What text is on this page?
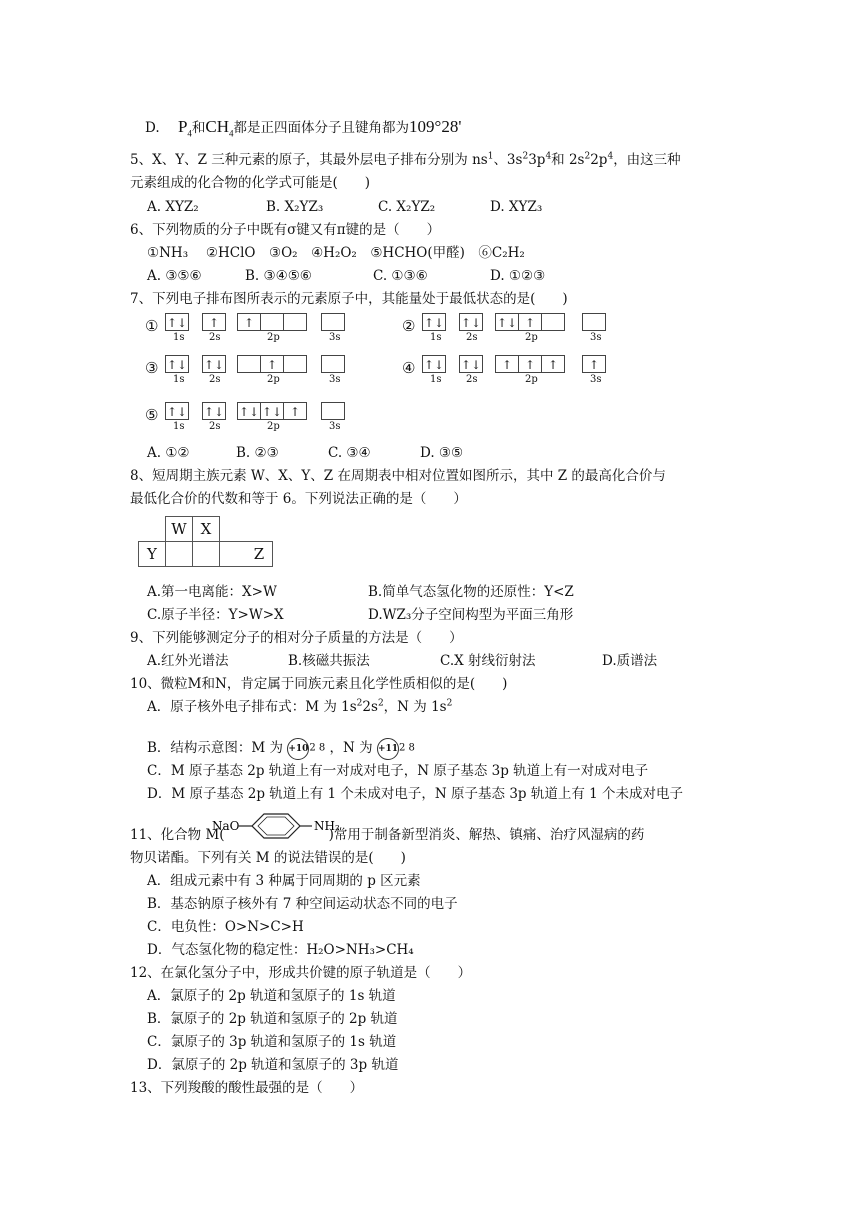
D. $P_4$和$CH_4$都是正四面体分子且键角都为109°28'
5、X、Y、Z 三种元素的原子，其最外层电子排布分别为 $ns^1$、$3s^23p^4$和 $2s^22p^4$，由这三种
元素组成的化合物的化学式可能是(　　)
A. XYZ₂	B. X₂YZ₃	C. X₂YZ₂	D. XYZ₃
6、下列物质的分子中既有σ键又有π键的是（　　）
①NH₃　 ②HClO　③O₂　④H₂O₂　⑤HCHO(甲醛)　⑥C₂H₂
A. ③⑤⑥	B. ③④⑤⑥	C. ①③⑥	D. ①②③
7、下列电子排布图所表示的元素原子中，其能量处于最低状态的是(　　)
① ↑↓	↑	↑
1s 2s	2p	3s
② ↑↓ ↑↓ ↑↓ ↑
1s 2s	2p	3s
③ ↑↓ ↑↓	↑
1s 2s	2p	3s
④ ↑↓ ↑↓	↑	↑	↑	↑
1s 2s	2p	3s
⑤ ↑↓ ↑↓ ↑↓ ↑↓ ↑
1s 2s	2p	3s
A. ①②	B. ②③	C. ③④	D. ③⑤
8、短周期主族元素 W、X、Y、Z 在周期表中相对位置如图所示，其中 Z 的最高化合价与
最低化合价的代数和等于 6。下列说法正确的是（　　）
	W	X		
Y				Z
A.第一电离能：X>W	B.简单气态氢化物的还原性：Y<Z
C.原子半径：Y>W>X	D.WZ₃分子空间构型为平面三角形
9、下列能够测定分子的相对分子质量的方法是（　　）
A.红外光谱法	B.核磁共振法	C.X 射线衍射法	D.质谱法
10、微粒M和N，肯定属于同族元素且化学性质相似的是(　　)
A．原子核外电子排布式：M 为 $1s^22s^2$，N 为 $1s^2$
B．结构示意图：M 为 +102 8 ，N 为 +112 8
C．M 原子基态 2p 轨道上有一对成对电子，N 原子基态 3p 轨道上有一对成对电子
D．M 原子基态 2p 轨道上有 1 个未成对电子，N 原子基态 3p 轨道上有 1 个未成对电子
11、化合物 M(	)常用于制备新型消炎、解热、镇痛、治疗风湿病的药
NaO	NH₂
物贝诺酯。下列有关 M 的说法错误的是(　　)
A．组成元素中有 3 种属于同周期的 p 区元素
B．基态钠原子核外有 7 种空间运动状态不同的电子
C．电负性：O>N>C>H
D．气态氢化物的稳定性：H₂O>NH₃>CH₄
12、在氯化氢分子中，形成共价键的原子轨道是（　　）
A．氯原子的 2p 轨道和氢原子的 1s 轨道
B．氯原子的 2p 轨道和氢原子的 2p 轨道
C．氯原子的 3p 轨道和氢原子的 1s 轨道
D．氯原子的 2p 轨道和氢原子的 3p 轨道
13、下列羧酸的酸性最强的是（　　）
